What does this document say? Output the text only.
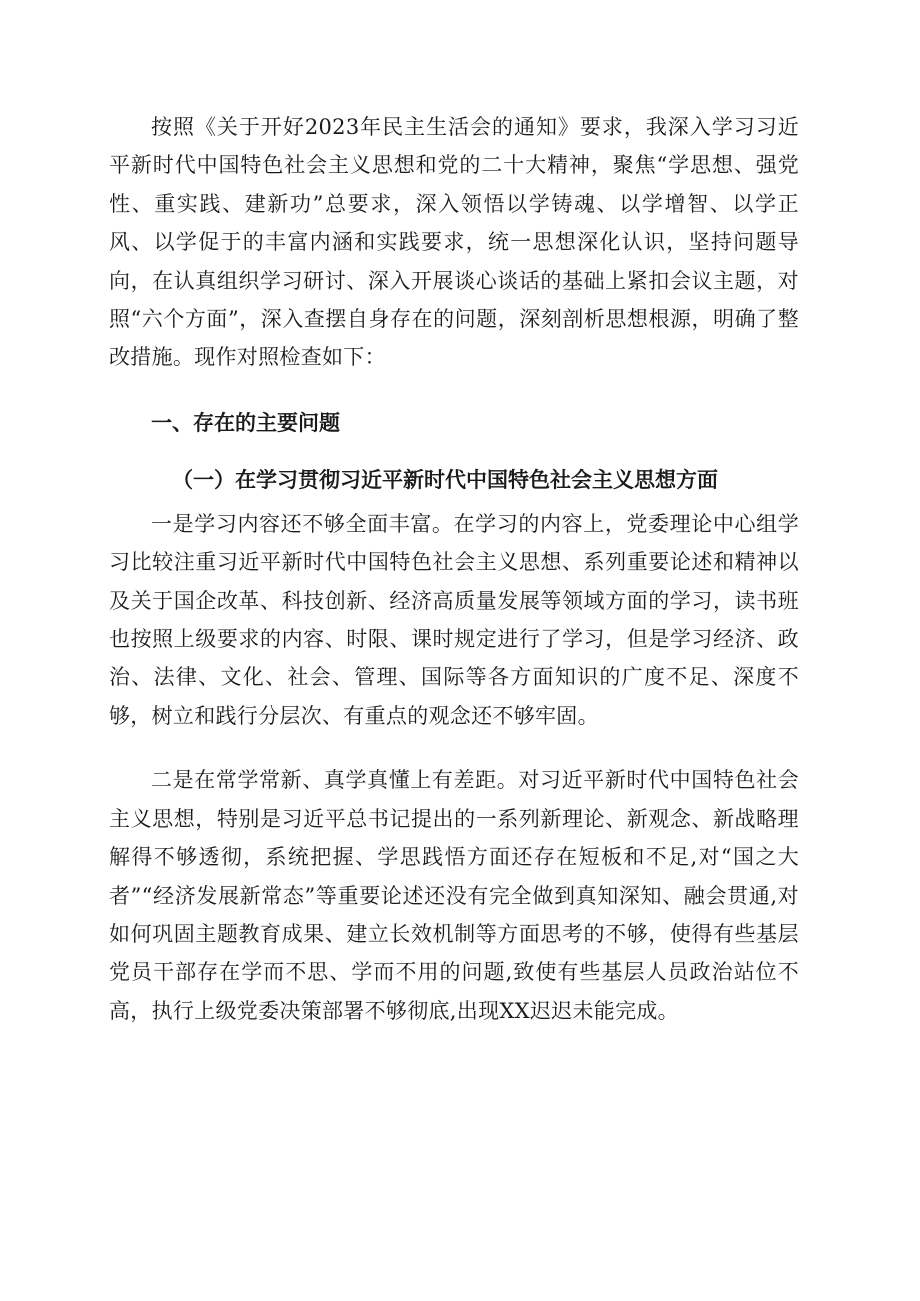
按照《关于开好2023年民主生活会的通知》要求，我深入学习习近平新时代中国特色社会主义思想和党的二十大精神，聚焦“学思想、强党性、重实践、建新功”总要求，深入领悟以学铸魂、以学增智、以学正风、以学促于的丰富内涵和实践要求，统一思想深化认识，坚持问题导向，在认真组织学习研讨、深入开展谈心谈话的基础上紧扣会议主题，对照“六个方面”，深入查摆自身存在的问题，深刻剖析思想根源，明确了整改措施。现作对照检查如下：

一、存在的主要问题
（一）在学习贯彻习近平新时代中国特色社会主义思想方面

一是学习内容还不够全面丰富。在学习的内容上，党委理论中心组学习比较注重习近平新时代中国特色社会主义思想、系列重要论述和精神以及关于国企改革、科技创新、经济高质量发展等领域方面的学习，读书班也按照上级要求的内容、时限、课时规定进行了学习，但是学习经济、政治、法律、文化、社会、管理、国际等各方面知识的广度不足、深度不够，树立和践行分层次、有重点的观念还不够牢固。

二是在常学常新、真学真懂上有差距。对习近平新时代中国特色社会主义思想，特别是习近平总书记提出的一系列新理论、新观念、新战略理解得不够透彻，系统把握、学思践悟方面还存在短板和不足,对“国之大者”“经济发展新常态”等重要论述还没有完全做到真知深知、融会贯通,对如何巩固主题教育成果、建立长效机制等方面思考的不够，使得有些基层党员干部存在学而不思、学而不用的问题,致使有些基层人员政治站位不高，执行上级党委决策部署不够彻底,出现XX迟迟未能完成。
